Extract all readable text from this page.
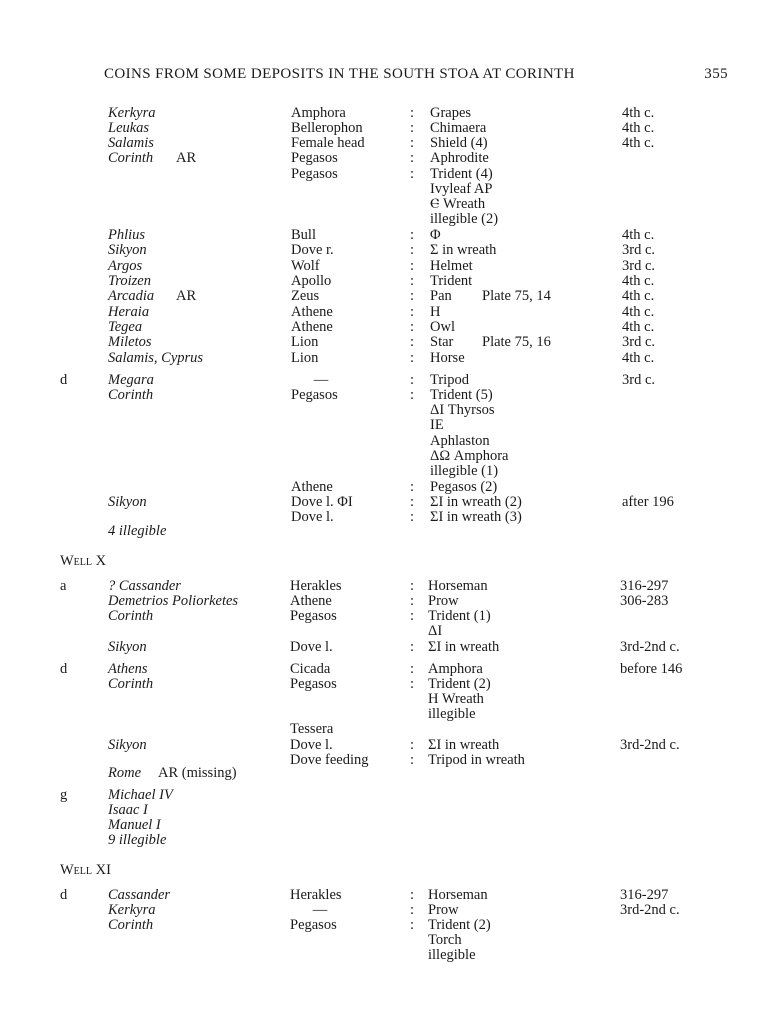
COINS FROM SOME DEPOSITS IN THE SOUTH STOA AT CORINTH	355
Kerkyra	Amphora	: Grapes	4th c.
Leukas	Bellerophon	: Chimaera	4th c.
Salamis	Female head	: Shield (4)	4th c.
Corinth AR	Pegasos	: Aphrodite
Pegasos	: Trident (4)
Ivyleaf AP
Ⲉ Wreath
illegible (2)
Phlius	Bull	: Φ	4th c.
Sikyon	Dove r.	: Σ in wreath	3rd c.
Argos	Wolf	: Helmet	3rd c.
Troizen	Apollo	: Trident	4th c.
Arcadia AR	Zeus	: Pan Plate 75, 14	4th c.
Heraia	Athene	: H	4th c.
Tegea	Athene	: Owl	4th c.
Miletos	Lion	: Star Plate 75, 16	3rd c.
Salamis, Cyprus	Lion	: Horse	4th c.
d	Megara	—	: Tripod	3rd c.
Corinth	Pegasos	: Trident (5)
ΔΙ Thyrsos
ΙΕ
Aphlaston
ΔΩ Amphora
illegible (1)
Athene	: Pegasos (2)
Sikyon	Dove l. ΦΙ	: ΣΙ in wreath (2)	after 196
Dove l.	: ΣΙ in wreath (3)
4 illegible
Well X
a	? Cassander	Herakles	: Horseman	316-297
Demetrios Poliorketes	Athene	: Prow	306-283
Corinth	Pegasos	: Trident (1)
ΔΙ
Sikyon	Dove l.	: ΣΙ in wreath	3rd-2nd c.
d	Athens	Cicada	: Amphora	before 146
Corinth	Pegasos	: Trident (2)
H Wreath
illegible
Tessera
Sikyon	Dove l.	: ΣΙ in wreath	3rd-2nd c.
Dove feeding	: Tripod in wreath
Rome AR (missing)
g	Michael IV
Isaac I
Manuel I
9 illegible
Well XI
d	Cassander	Herakles	: Horseman	316-297
Kerkyra	—	: Prow	3rd-2nd c.
Corinth	Pegasos	: Trident (2)
Torch
illegible
